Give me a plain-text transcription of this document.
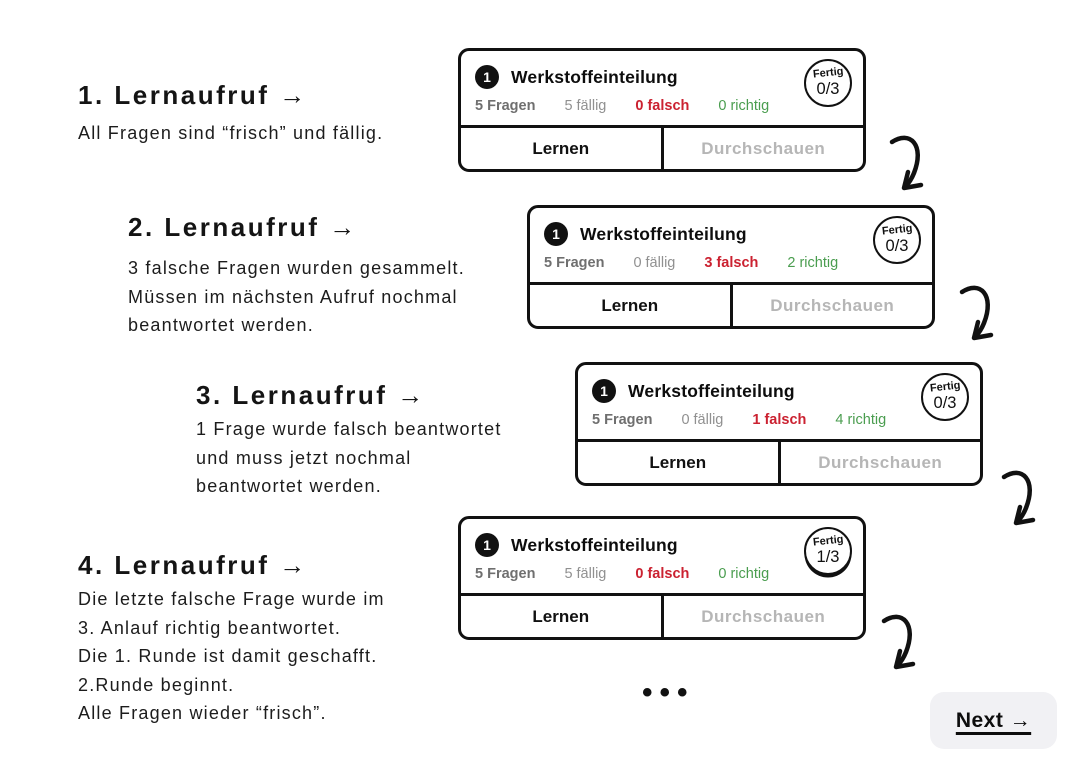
1. Lernaufruf →
All Fragen sind “frisch” und fällig.
2. Lernaufruf →
3 falsche Fragen wurden gesammelt.
Müssen im nächsten Aufruf nochmal
beantwortet werden.
3. Lernaufruf →
1 Frage wurde falsch beantwortet
und muss jetzt nochmal
beantwortet werden.
4. Lernaufruf →
Die letzte falsche Frage wurde im
3. Anlauf richtig beantwortet.
Die 1. Runde ist damit geschafft.
2.Runde beginnt.
Alle Fragen wieder “frisch”.
1	Werkstoffeinteilung
5 Fragen 5 fällig 0 falsch 0 richtig
Fertig
0/3
Lernen	Durchschauen
1	Werkstoffeinteilung
5 Fragen 0 fällig 3 falsch 2 richtig
Fertig
0/3
Lernen	Durchschauen
1	Werkstoffeinteilung
5 Fragen 0 fällig 1 falsch 4 richtig
Fertig
0/3
Lernen	Durchschauen
1	Werkstoffeinteilung
5 Fragen 5 fällig 0 falsch 0 richtig
Fertig
1/3
Lernen	Durchschauen
•••
Next →
